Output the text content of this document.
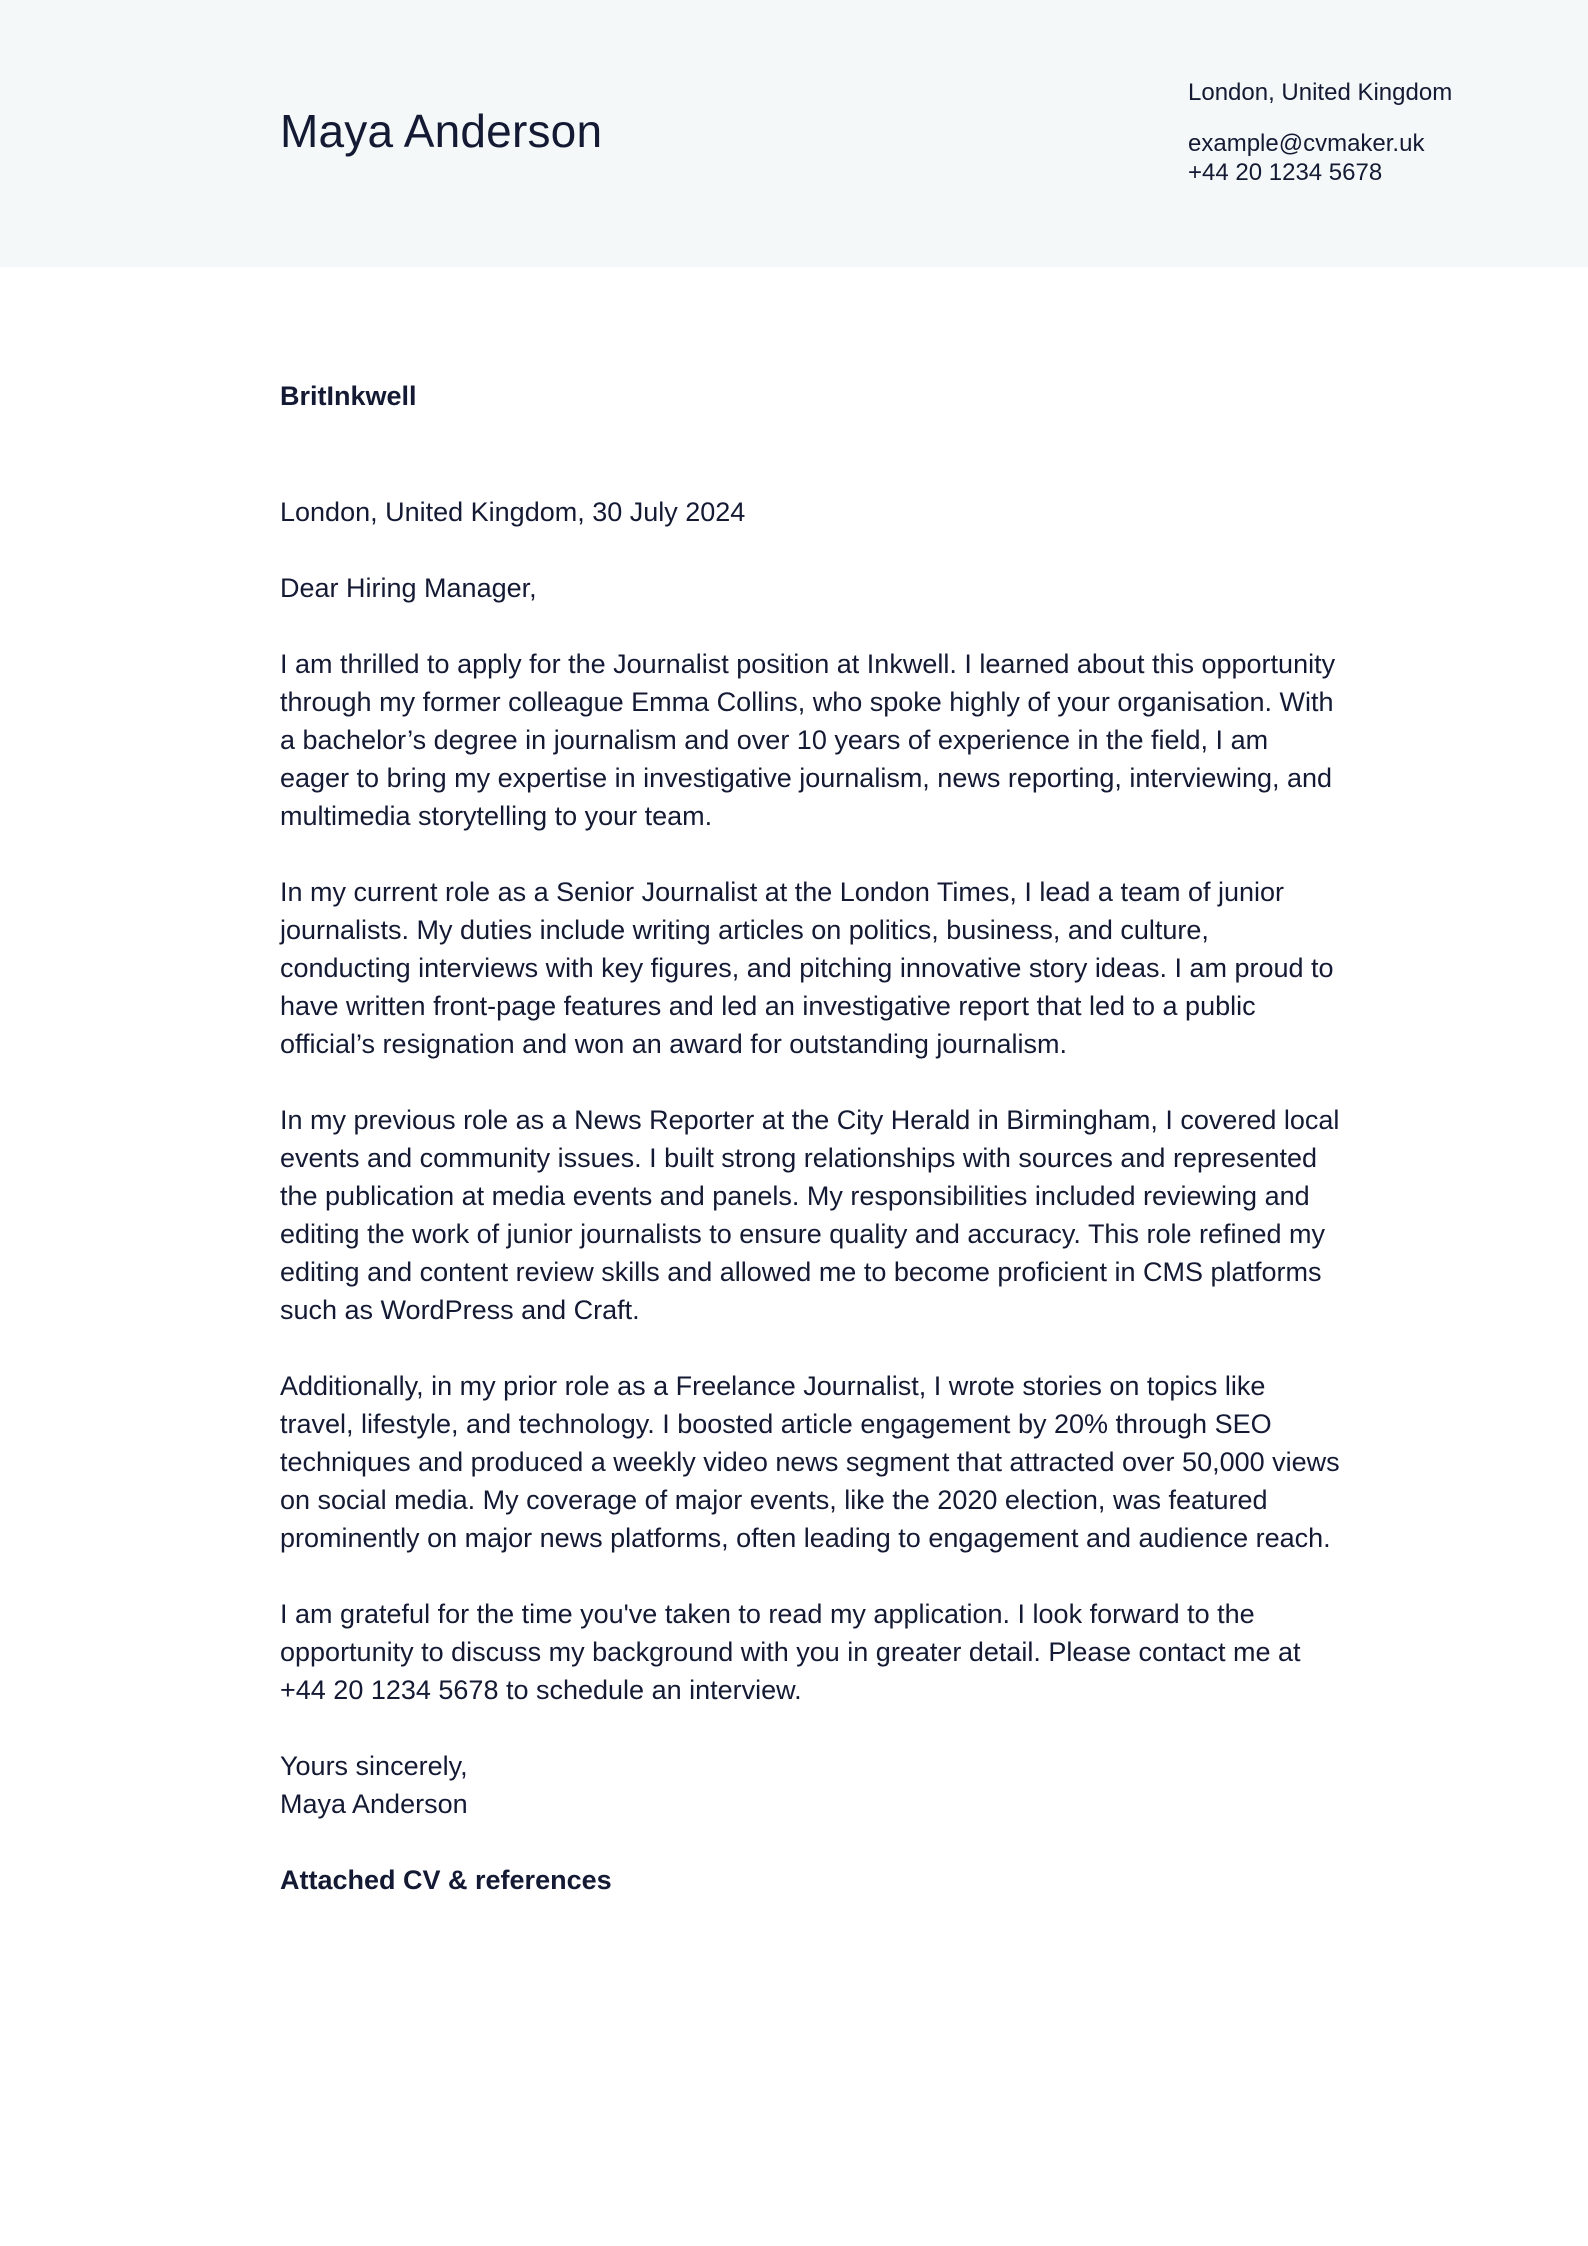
Maya Anderson
London, United Kingdom
example@cvmaker.uk
+44 20 1234 5678

BritInkwell

London, United Kingdom, 30 July 2024

Dear Hiring Manager,

I am thrilled to apply for the Journalist position at Inkwell. I learned about this opportunity through my former colleague Emma Collins, who spoke highly of your organisation. With a bachelor’s degree in journalism and over 10 years of experience in the field, I am eager to bring my expertise in investigative journalism, news reporting, interviewing, and multimedia storytelling to your team.

In my current role as a Senior Journalist at the London Times, I lead a team of junior journalists. My duties include writing articles on politics, business, and culture, conducting interviews with key figures, and pitching innovative story ideas. I am proud to have written front-page features and led an investigative report that led to a public official’s resignation and won an award for outstanding journalism.

In my previous role as a News Reporter at the City Herald in Birmingham, I covered local events and community issues. I built strong relationships with sources and represented the publication at media events and panels. My responsibilities included reviewing and editing the work of junior journalists to ensure quality and accuracy. This role refined my editing and content review skills and allowed me to become proficient in CMS platforms such as WordPress and Craft.

Additionally, in my prior role as a Freelance Journalist, I wrote stories on topics like travel, lifestyle, and technology. I boosted article engagement by 20% through SEO techniques and produced a weekly video news segment that attracted over 50,000 views on social media. My coverage of major events, like the 2020 election, was featured prominently on major news platforms, often leading to engagement and audience reach.

I am grateful for the time you've taken to read my application. I look forward to the opportunity to discuss my background with you in greater detail. Please contact me at +44 20 1234 5678 to schedule an interview.

Yours sincerely,
Maya Anderson

Attached CV & references
